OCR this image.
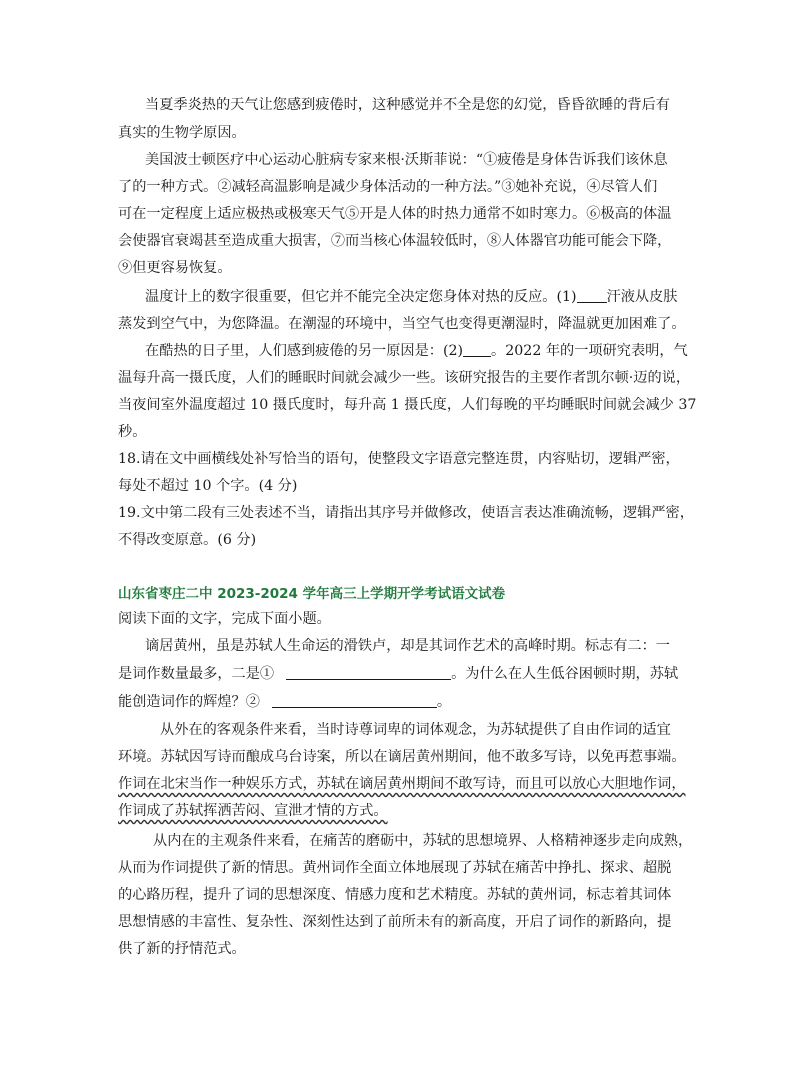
当夏季炎热的天气让您感到疲倦时，这种感觉并不全是您的幻觉，昏昏欲睡的背后有
真实的生物学原因。
美国波士顿医疗中心运动心脏病专家来根·沃斯菲说：“①疲倦是身体告诉我们该休息
了的一种方式。②减轻高温影响是减少身体活动的一种方法。”③她补充说，④尽管人们
可在一定程度上适应极热或极寒天气⑤开是人体的时热力通常不如时寒力。⑥极高的体温
会使器官衰竭甚至造成重大损害，⑦而当核心体温较低时，⑧人体器官功能可能会下降，
⑨但更容易恢复。
温度计上的数字很重要，但它并不能完全决定您身体对热的反应。(1) 汗液从皮肤
蒸发到空气中，为您降温。在潮湿的环境中，当空气也变得更潮湿时，降温就更加困难了。
在酷热的日子里，人们感到疲倦的另一原因是：(2) 。2022 年的一项研究表明，气
温每升高一摄氏度，人们的睡眠时间就会减少一些。该研究报告的主要作者凯尔顿·迈的说，
当夜间室外温度超过 10 摄氏度时，每升高 1 摄氏度，人们每晚的平均睡眠时间就会减少 37
秒。
18.请在文中画横线处补写恰当的语句，使整段文字语意完整连贯，内容贴切，逻辑严密，
每处不超过 10 个字。(4 分)
19.文中第二段有三处表述不当，请指出其序号并做修改，使语言表达准确流畅，逻辑严密，
不得改变原意。(6 分)
山东省枣庄二中 2023-2024 学年高三上学期开学考试语文试卷
阅读下面的文字，完成下面小题。
谪居黄州，虽是苏轼人生命运的滑铁卢，却是其词作艺术的高峰时期。标志有二：一
是词作数量最多，二是①	。为什么在人生低谷困顿时期，苏轼
能创造词作的辉煌？②	。
从外在的客观条件来看，当时诗尊词卑的词体观念，为苏轼提供了自由作词的适宜
环境。苏轼因写诗而酿成乌台诗案，所以在谪居黄州期间，他不敢多写诗，以免再惹事端。
作词在北宋当作一种娱乐方式，苏轼在谪居黄州期间不敢写诗，而且可以放心大胆地作词，
作词成了苏轼挥洒苦闷、宣泄才情的方式。
从内在的主观条件来看，在痛苦的磨砺中，苏轼的思想境界、人格精神逐步走向成熟，
从而为作词提供了新的情思。黄州词作全面立体地展现了苏轼在痛苦中挣扎、探求、超脱
的心路历程，提升了词的思想深度、情感力度和艺术精度。苏轼的黄州词，标志着其词体
思想情感的丰富性、复杂性、深刻性达到了前所未有的新高度，开启了词作的新路向，提
供了新的抒情范式。
